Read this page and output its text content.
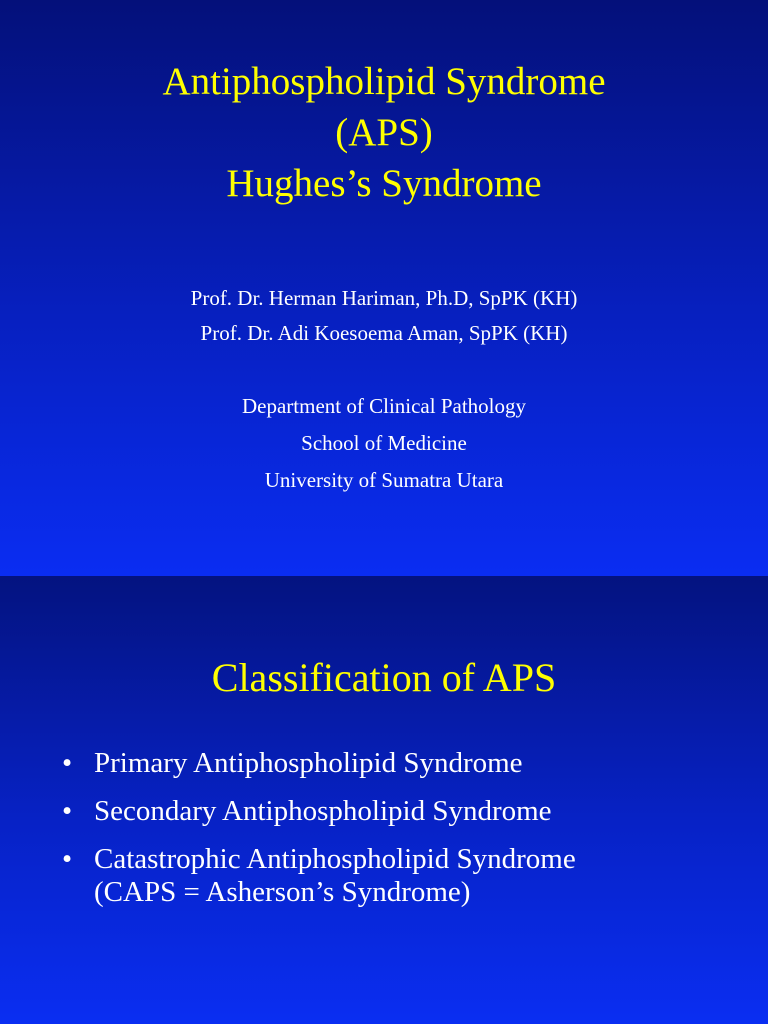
Antiphospholipid Syndrome
(APS)
Hughes’s Syndrome
Prof. Dr. Herman Hariman, Ph.D, SpPK (KH)
Prof. Dr. Adi Koesoema Aman, SpPK (KH)
Department of Clinical Pathology
School of Medicine
University of Sumatra Utara
Classification of APS
• Primary Antiphospholipid Syndrome
• Secondary Antiphospholipid Syndrome
• Catastrophic Antiphospholipid Syndrome
(CAPS = Asherson’s Syndrome)
